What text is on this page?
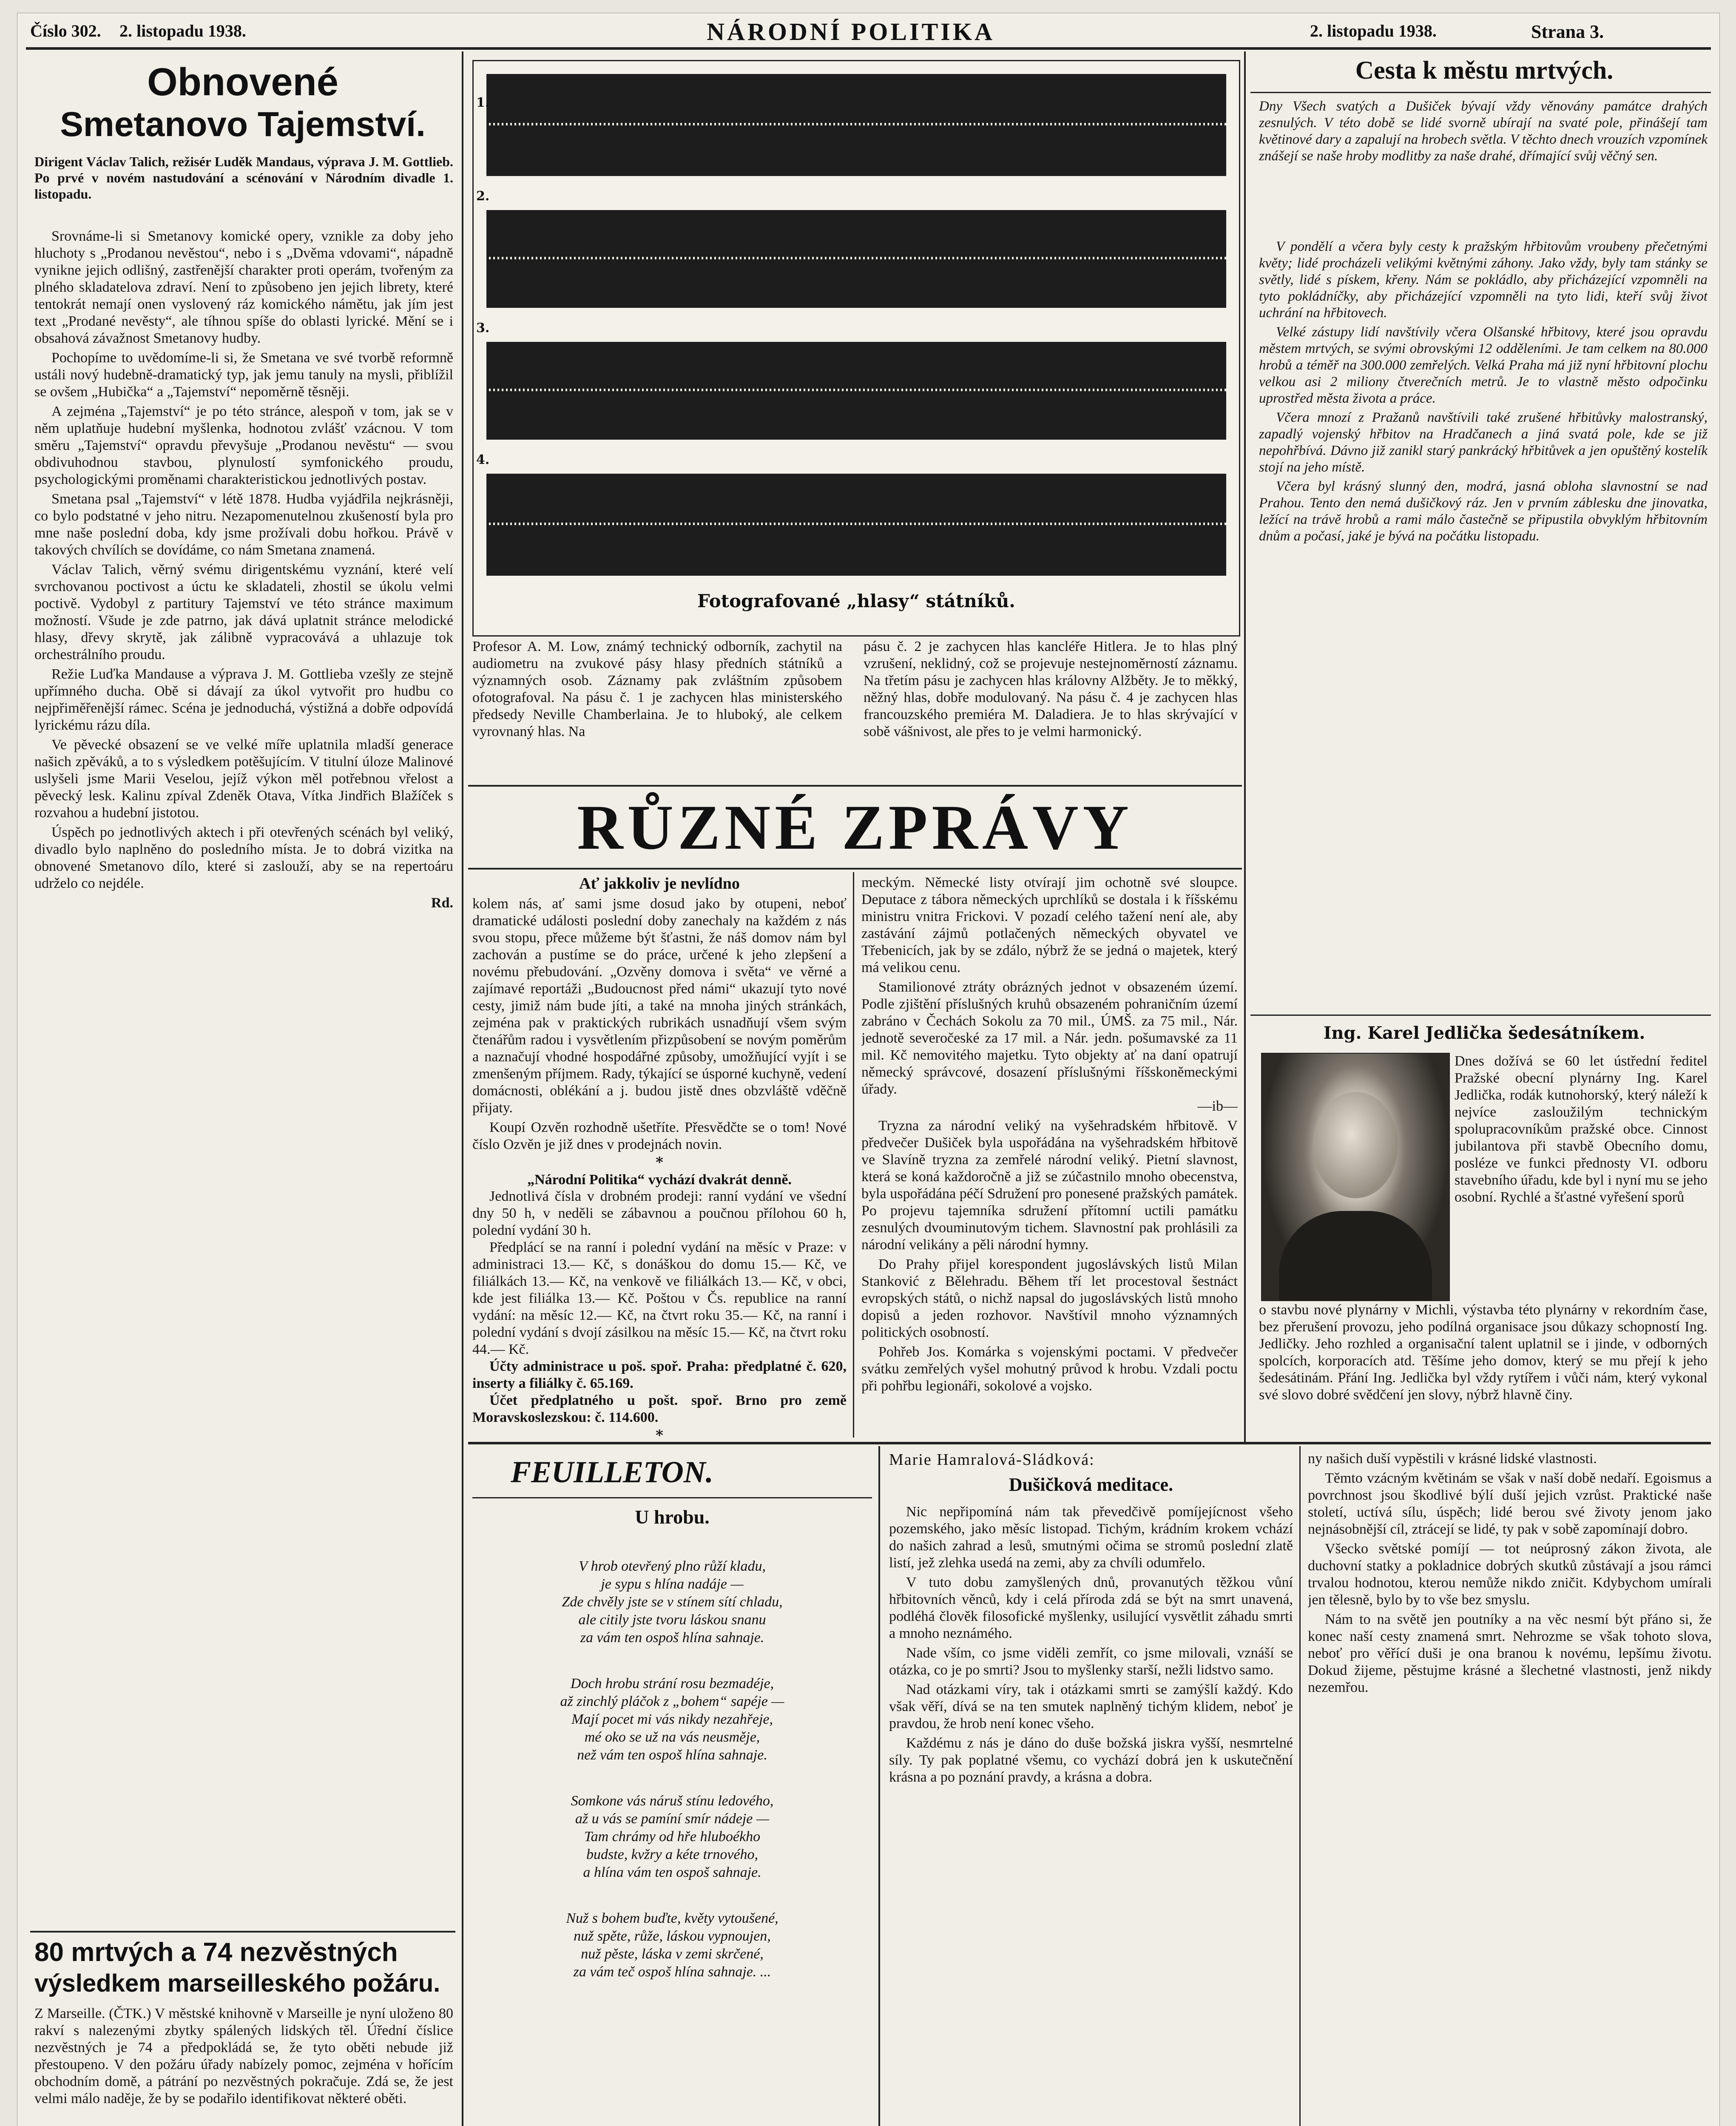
Číslo 302.	2. listopadu 1938.	NÁRODNÍ POLITIKA	2. listopadu 1938.	Strana 3.
Obnovené
Smetanovo Tajemství.
Dirigent Václav Talich, režisér Luděk Mandaus, výprava J. M. Gottlieb. Po prvé v novém nastudování a scénování v Národním divadle 1. listopadu.

Srovnáme-li si Smetanovy komické opery, vznikle za doby jeho hluchoty s „Prodanou nevěstou“, nebo i s „Dvěma vdovami“, nápadně vynikne jejich odlišný, zastřenější charakter proti operám, tvořeným za plného skladatelova zdraví. Není to způsobeno jen jejich librety, které tentokrát nemají onen vyslovený ráz komického námětu, jak jím jest text „Prodané nevěsty“, ale tíhnou spíše do oblasti lyrické. Mění se i obsahová závažnost Smetanovy hudby.

Pochopíme to uvědomíme-li si, že Smetana ve své tvorbě reformně ustáli nový hudebně-dramatický typ, jak jemu tanuly na mysli, přiblížil se ovšem „Hubička“ a „Tajemství“ nepoměrně těsněji.

A zejména „Tajemství“ je po této stránce, alespoň v tom, jak se v něm uplatňuje hudební myšlenka, hodnotou zvlášť vzácnou. V tom směru „Tajemství“ opravdu převyšuje „Prodanou nevěstu“ — svou obdivuhodnou stavbou, plynulostí symfonického proudu, psychologickými proměnami charakteristickou jednotlivých postav.

Smetana psal „Tajemství“ v létě 1878. Hudba vyjádřila nejkrásněji, co bylo podstatné v jeho nitru. Nezapomenutelnou zkušeností byla pro mne naše poslední doba, kdy jsme prožívali dobu hořkou. Právě v takových chvílích se dovídáme, co nám Smetana znamená.

Václav Talich, věrný svému dirigentskému vyznání, které velí svrchovanou poctivost a úctu ke skladateli, zhostil se úkolu velmi poctivě. Vydobyl z partitury Tajemství ve této stránce maximum možností. Všude je zde patrno, jak dává uplatnit stránce melodické hlasy, dřevy skrytě, jak zálibně vypracovává a uhlazuje tok orchestrálního proudu.

Režie Luďka Mandause a výprava J. M. Gottlieba vzešly ze stejně upřímného ducha. Obě si dávají za úkol vytvořit pro hudbu co nejpřiměřenější rámec. Scéna je jednoduchá, výstižná a dobře odpovídá lyrickému rázu díla.

Ve pěvecké obsazení se ve velké míře uplatnila mladší generace našich zpěváků, a to s výsledkem potěšujícím. V titulní úloze Malinové uslyšeli jsme Marii Veselou, jejíž výkon měl potřebnou vřelost a pěvecký lesk. Kalinu zpíval Zdeněk Otava, Vítka Jindřich Blažíček s rozvahou a hudební jistotou.

Úspěch po jednotlivých aktech i při otevřených scénách byl veliký, divadlo bylo naplněno do posledního místa. Je to dobrá vizitka na obnovené Smetanovo dílo, které si zaslouží, aby se na repertoáru udrželo co nejdéle.

Rd.

80 mrtvých a 74 nezvěstných
výsledkem marseilleského požáru.
Z Marseille. (ČTK.) V městské knihovně v Marseille je nyní uloženo 80 rakví s nalezenými zbytky spálených lidských těl. Úřední číslice nezvěstných je 74 a předpokládá se, že tyto oběti nebude již přestoupeno. V den požáru úřady nabízely pomoc, zejména v hořícím obchodním domě, a pátrání po nezvěstných pokračuje. Zdá se, že jest velmi málo naděje, že by se podařilo identifikovat některé oběti.
1.
2.
3.
4.
Fotografované „hlasy“ státníků.
Profesor A. M. Low, známý technický odborník, zachytil na audiometru na zvukové pásy hlasy předních státníků a významných osob. Záznamy pak zvláštním způsobem ofotografoval. Na pásu č. 1 je zachycen hlas ministerského předsedy Neville Chamberlaina. Je to hluboký, ale celkem vyrovnaný hlas. Na
pásu č. 2 je zachycen hlas kancléře Hitlera. Je to hlas plný vzrušení, neklidný, což se projevuje nestejnoměrností záznamu. Na třetím pásu je zachycen hlas královny Alžběty. Je to měkký, něžný hlas, dobře modulovaný. Na pásu č. 4 je zachycen hlas francouzského premiéra M. Daladiera. Je to hlas skrývající v sobě vášnivost, ale přes to je velmi harmonický.
RŮZNÉ ZPRÁVY
Ať jakkoliv je nevlídno
kolem nás, ať sami jsme dosud jako by otupeni, neboť dramatické události poslední doby zanechaly na každém z nás svou stopu, přece můžeme být šťastni, že náš domov nám byl zachován a pustíme se do práce, určené k jeho zlepšení a novému přebudování. „Ozvěny domova i světa“ ve věrné a zajímavé reportáži „Budoucnost před námi“ ukazují tyto nové cesty, jimiž nám bude jíti, a také na mnoha jiných stránkách, zejména pak v praktických rubrikách usnadňují všem svým čtenářům radou i vysvětlením přizpůsobení se novým poměrům a naznačují vhodné hospodářné způsoby, umožňující vyjít i se zmenšeným příjmem. Rady, týkající se úsporné kuchyně, vedení domácnosti, oblékání a j. budou jistě dnes obzvláště vděčně přijaty.
Koupí Ozvěn rozhodně ušetříte. Přesvědčte se o tom! Nové číslo Ozvěn je již dnes v prodejnách novin.
*
„Národní Politika“ vychází dvakrát denně.
Jednotlivá čísla v drobném prodeji: ranní vydání ve všední dny 50 h, v neděli se zábavnou a poučnou přílohou 60 h, polední vydání 30 h.
Předplácí se na ranní i polední vydání na měsíc v Praze: v administraci 13.— Kč, s donáškou do domu 15.— Kč, ve filiálkách 13.— Kč, na venkově ve filiálkách 13.— Kč, v obci, kde jest filiálka 13.— Kč. Poštou v Čs. republice na ranní vydání: na měsíc 12.— Kč, na čtvrt roku 35.— Kč, na ranní i polední vydání s dvojí zásilkou na měsíc 15.— Kč, na čtvrt roku 44.— Kč.
Účty administrace u poš. spoř. Praha: předplatné č. 620, inserty a filiálky č. 65.169.
Účet předplatného u pošt. spoř. Brno pro země Moravskoslezskou: č. 114.600.
*
meckým. Německé listy otvírají jim ochotně své sloupce. Deputace z tábora německých uprchlíků se dostala i k říšskému ministru vnitra Frickovi. V pozadí celého tažení není ale, aby zastávání zájmů potlačených německých obyvatel ve Třebenicích, jak by se zdálo, nýbrž že se jedná o majetek, který má velikou cenu.
Stamilionové ztráty obrázných jednot v obsazeném území. Podle zjištění příslušných kruhů obsazeném pohraničním území zabráno v Čechách Sokolu za 70 mil., ÚMŠ. za 75 mil., Nár. jednotě severočeské za 17 mil. a Nár. jedn. pošumavské za 11 mil. Kč nemovitého majetku. Tyto objekty ať na daní opatrují německý správcové, dosazení příslušnými říšskoněmeckými úřady.
—ib—
Tryzna za národní veliký na vyšehradském hřbitově. V předvečer Dušiček byla uspořádána na vyšehradském hřbitově ve Slavíně tryzna za zemřelé národní veliký. Pietní slavnost, která se koná každoročně a již se zúčastnilo mnoho obecenstva, byla uspořádána péčí Sdružení pro ponesené pražských památek. Po projevu tajemníka sdružení přítomní uctili památku zesnulých dvouminutovým tichem. Slavnostní pak prohlásili za národní velikány a pěli národní hymny.
Do Prahy přijel korespondent jugoslávských listů Milan Stanković z Bělehradu. Během tří let procestoval šestnáct evropských států, o nichž napsal do jugoslávských listů mnoho dopisů a jeden rozhovor. Navštívil mnoho významných politických osobností.
Pohřeb Jos. Komárka s vojenskými poctami. V předvečer svátku zemřelých vyšel mohutný průvod k hrobu. Vzdali poctu při pohřbu legionáři, sokolové a vojsko.
FEUILLETON.
U hrobu.

V hrob otevřený plno růží kladu,
je sypu s hlína nadáje —
Zde chvěly jste se v stínem sítí chladu,
ale citily jste tvoru láskou snanu
za vám ten ospoš hlína sahnaje.

Doch hrobu strání rosu bezmadéje,
až zinchlý pláčok z „bohem“ sapéje —
Mají pocet mi vás nikdy nezahřeje,
mé oko se už na vás neusměje,
než vám ten ospoš hlína sahnaje.

Somkone vás náruš stínu ledového,
až u vás se pamíní smír nádeje —
Tam chrámy od hře hluboékho
budste, kvžry a kéte trnového,
a hlína vám ten ospoš sahnaje.

Nuž s bohem buďte, květy vytoušené,
nuž spěte, růže, láskou vypnoujen,
nuž pěste, láska v zemi skrčené,
za vám teč ospoš hlína sahnaje. ...

Marie Hamralová-Sládková:
Dušičková meditace.

Nic nepřipomíná nám tak převedčivě pomíjejícnost všeho pozemského, jako měsíc listopad. Tichým, krádním krokem vchází do našich zahrad a lesů, smutnými očima se stromů poslední zlatě listí, jež zlehka usedá na zemi, aby za chvíli odumřelo.

V tuto dobu zamyšlených dnů, provanutých těžkou vůní hřbitovních věnců, kdy i celá příroda zdá se být na smrt unavená, podléhá člověk filosofické myšlenky, usilující vysvětlit záhadu smrti a mnoho neznámého.

Nade vším, co jsme viděli zemřít, co jsme milovali, vznáší se otázka, co je po smrti? Jsou to myšlenky starší, nežli lidstvo samo.

Nad otázkami víry, tak i otázkami smrti se zamýšlí každý. Kdo však věří, dívá se na ten smutek naplněný tichým klidem, neboť je pravdou, že hrob není konec všeho.

Každému z nás je dáno do duše božská jiskra vyšší, nesmrtelné síly. Ty pak poplatné všemu, co vychází dobrá jen k uskutečnění krásna a po poznání pravdy, a krásna a dobra.

ny našich duší vypěstili v krásné lidské vlastnosti.

Těmto vzácným květinám se však v naší době nedaří. Egoismus a povrchnost jsou škodlivé býlí duší jejich vzrůst. Praktické naše století, uctívá sílu, úspěch; lidé berou své životy jenom jako nejnásobnější cíl, ztrácejí se lidé, ty pak v sobě zapomínají dobro.

Všecko světské pomíjí — tot neúprosný zákon života, ale duchovní statky a pokladnice dobrých skutků zůstávají a jsou rámci trvalou hodnotou, kterou nemůže nikdo zničit. Kdybychom umírali jen tělesně, bylo by to vše bez smyslu.

Nám to na světě jen poutníky a na věc nesmí být přáno si, že konec naší cesty znamená smrt. Nehrozme se však tohoto slova, neboť pro věřící duši je ona branou k novému, lepšímu životu. Dokud žijeme, pěstujme krásné a šlechetné vlastnosti, jenž nikdy nezemřou.

Cesta k městu mrtvých.
Dny Všech svatých a Dušiček bývají vždy věnovány památce drahých zesnulých. V této době se lidé svorně ubírají na svaté pole, přinášejí tam květinové dary a zapalují na hrobech světla. V těchto dnech vrouzích vzpomínek znášejí se naše hroby modlitby za naše drahé, dřímající svůj věčný sen.

V pondělí a včera byly cesty k pražským hřbitovům vroubeny přečetnými květy; lidé procházeli velikými květnými záhony. Jako vždy, byly tam stánky se světly, lidé s pískem, křeny. Nám se pokládlo, aby přicházející vzpomněli na tyto pokládníčky, aby přicházející vzpomněli na tyto lidi, kteří svůj život uchrání na hřbitovech.

Velké zástupy lidí navštívily včera Olšanské hřbitovy, které jsou opravdu městem mrtvých, se svými obrovskými 12 odděleními. Je tam celkem na 80.000 hrobů a téměř na 300.000 zemřelých. Velká Praha má již nyní hřbitovní plochu velkou asi 2 miliony čtverečních metrů. Je to vlastně město odpočinku uprostřed města života a práce.

Včera mnozí z Pražanů navštívili také zrušené hřbitůvky malostranský, zapadlý vojenský hřbitov na Hradčanech a jiná svatá pole, kde se již nepohřbívá. Dávno již zanikl starý pankrácký hřbitůvek a jen opuštěný kostelík stojí na jeho místě.

Včera byl krásný slunný den, modrá, jasná obloha slavnostní se nad Prahou. Tento den nemá dušičkový ráz. Jen v prvním záblesku dne jinovatka, ležící na trávě hrobů a rami málo častečně se připustila obvyklým hřbitovním dnům a počasí, jaké je bývá na počátku listopadu.

Ing. Karel Jedlička šedesátníkem.
Dnes dožívá se 60 let ústřední ředitel Pražské obecní plynárny Ing. Karel Jedlička, rodák kutnohorský, který náleží k nejvíce zasloužilým technickým spolupracovníkům pražské obce. Cinnost jubilantova při stavbě Obecního domu, posléze ve funkci přednosty VI. odboru stavebního úřadu, kde byl i nyní mu se jeho osobní. Rychlé a šťastné vyřešení sporů
o stavbu nové plynárny v Michli, výstavba této plynárny v rekordním čase, bez přerušení provozu, jeho podílná organisace jsou důkazy schopností Ing. Jedličky. Jeho rozhled a organisační talent uplatnil se i jinde, v odborných spolcích, korporacích atd. Těšíme jeho domov, který se mu přejí k jeho šedesátinám. Přání Ing. Jedlička byl vždy rytířem i vůči nám, který vykonal své slovo dobré svědčení jen slovy, nýbrž hlavně činy.
